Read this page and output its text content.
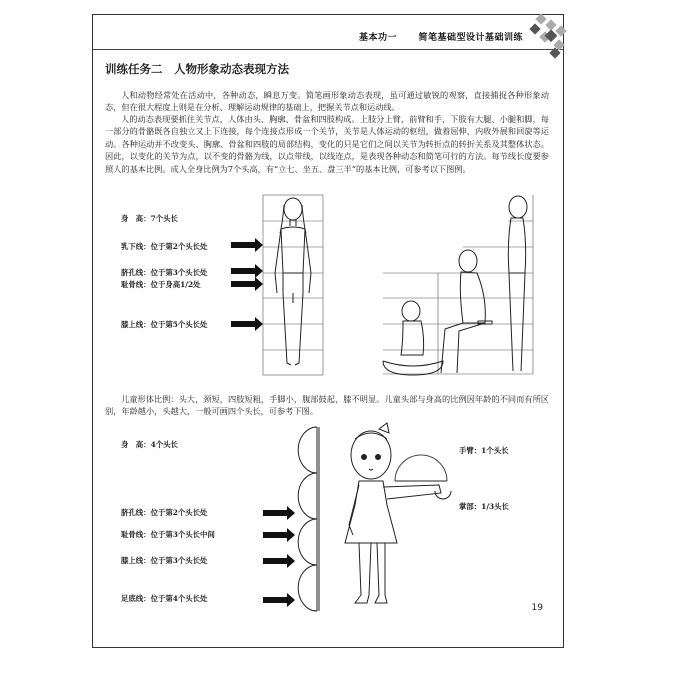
基本功一　 简笔基础型设计基础训练
训练任务二　人物形象动态表现方法

人和动物经常处在活动中，各种动态，瞬息万变。简笔画形象动态表现，虽可通过敏锐的观察，直接捕捉各种形象动态，但在很大程度上则是在分析、理解运动规律的基础上，把握关节点和运动线。

人的动态表现要抓住关节点，人体由头、胸廓、骨盆和四肢构成。上肢分上臂、前臂和手，下肢有大腿、小腿和脚，每一部分的骨骼既各自独立又上下连接，每个连接点形成一个关节，关节是人体运动的枢纽，做着屈伸、内收外展和回旋等运动。各种运动并不改变头、胸廓、骨盆和四肢的局部结构，变化的只是它们之间以关节为转折点的转折关系及其整体状态。因此，以变化的关节为点，以不变的骨骼为线，以点带线，以线连点，是表现各种动态和简笔可行的方法。每节线长度要参照人的基本比例。成人全身比例为7个头高，有“立七、坐五、盘三半”的基本比例，可参考以下图例。

身　高：7个头长
乳下线：位于第2个头长处
脐孔线：位于第3个头长处
耻骨线：位于身高1/2处
膝上线：位于第5个头长处

儿童形体比例：头大，颈短，四肢短粗，手脚小，腹部鼓起，膝不明显。儿童头部与身高的比例因年龄的不同而有所区别，年龄越小，头越大，一般可画四个头长，可参考下图。

身　高：4个头长
脐孔线：位于第2个头长处
耻骨线：位于第3个头长中间
膝上线：位于第3个头长处
足底线：位于第4个头长处
手臂：1个头长
掌部：1/3头长
19
